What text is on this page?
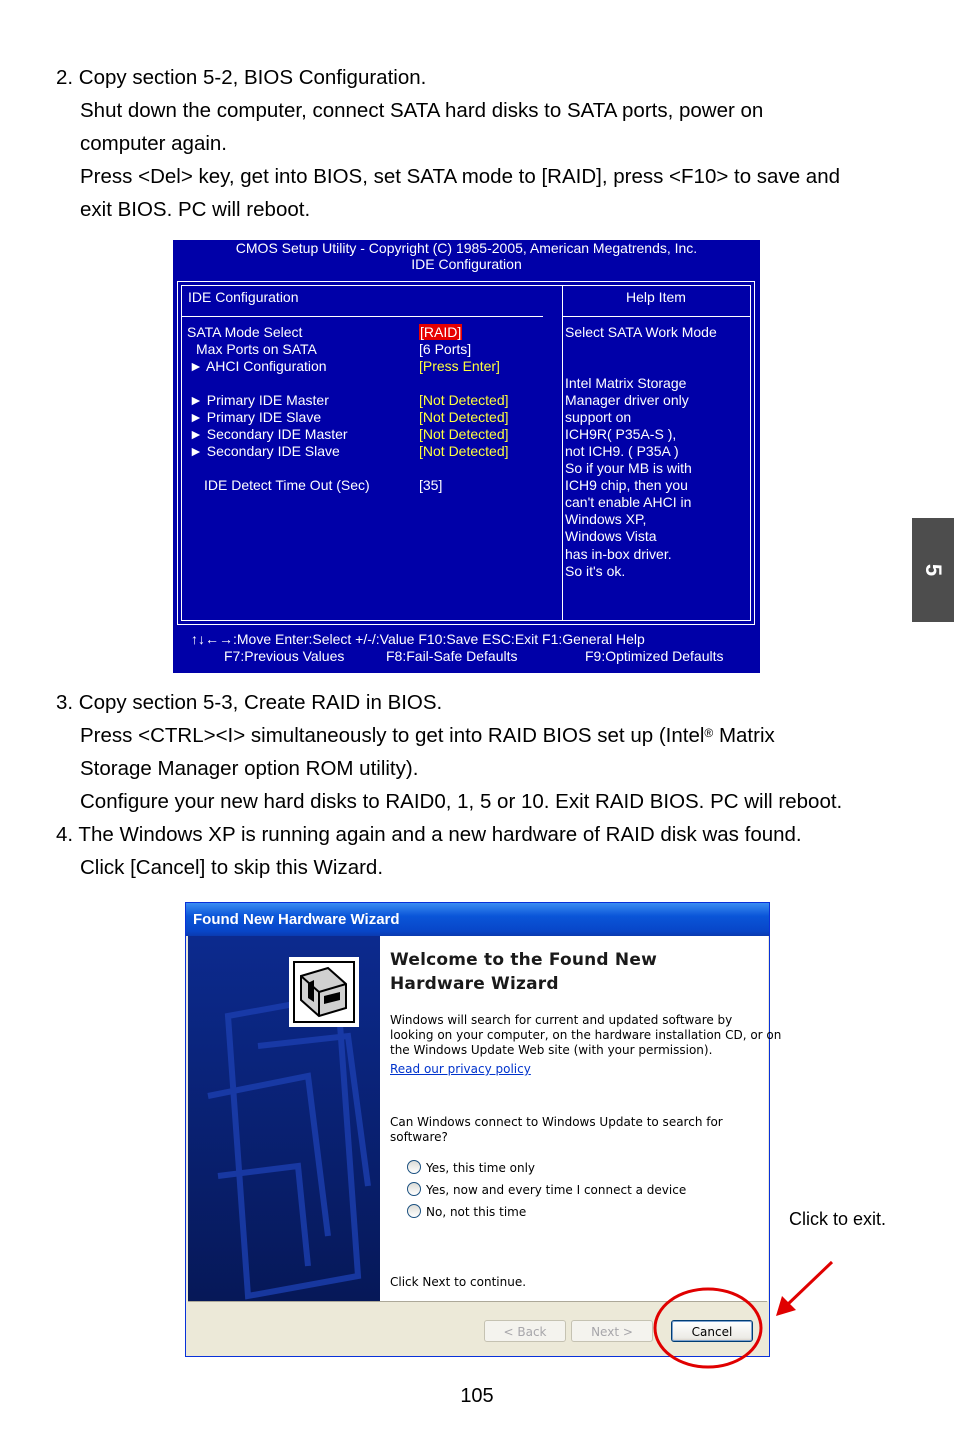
2. Copy section 5-2, BIOS Configuration.
Shut down the computer, connect SATA hard disks to SATA ports, power on
computer again.
Press <Del> key, get into BIOS, set SATA mode to [RAID], press <F10> to save and
exit BIOS. PC will reboot.
5
CMOS Setup Utility - Copyright (C) 1985-2005, American Megatrends, Inc.
IDE Configuration
IDE Configuration	Help Item
SATA Mode Select	[RAID]
Max Ports on SATA	[6 Ports]
► AHCI Configuration	[Press Enter]
► Primary IDE Master	[Not Detected]
► Primary IDE Slave	[Not Detected]
► Secondary IDE Master	[Not Detected]
► Secondary IDE Slave	[Not Detected]
IDE Detect Time Out (Sec)	[35]
Select SATA Work Mode
Intel Matrix Storage
Manager driver only
support on
ICH9R( P35A-S ),
not ICH9. ( P35A )
So if your MB is with
ICH9 chip, then you
can't enable AHCI in
Windows XP,
Windows Vista
has in-box driver.
So it's ok.
↑↓←→:Move Enter:Select +/-/:Value F10:Save ESC:Exit F1:General Help
F7:Previous Values	F8:Fail-Safe Defaults	F9:Optimized Defaults
3. Copy section 5-3, Create RAID in BIOS.
Press <CTRL><I> simultaneously to get into RAID BIOS set up (Intel® Matrix
Storage Manager option ROM utility).
Configure your new hard disks to RAID0, 1, 5 or 10. Exit RAID BIOS. PC will reboot.
4. The Windows XP is running again and a new hardware of RAID disk was found.
Click [Cancel] to skip this Wizard.
Found New Hardware Wizard
Welcome to the Found New
Hardware Wizard
Windows will search for current and updated software by
looking on your computer, on the hardware installation CD, or on
the Windows Update Web site (with your permission).
Read our privacy policy
Can Windows connect to Windows Update to search for
software?
Yes, this time only
Yes, now and every time I connect a device
No, not this time
Click Next to continue.
< Back	Next >	Cancel
Click to exit.
105
